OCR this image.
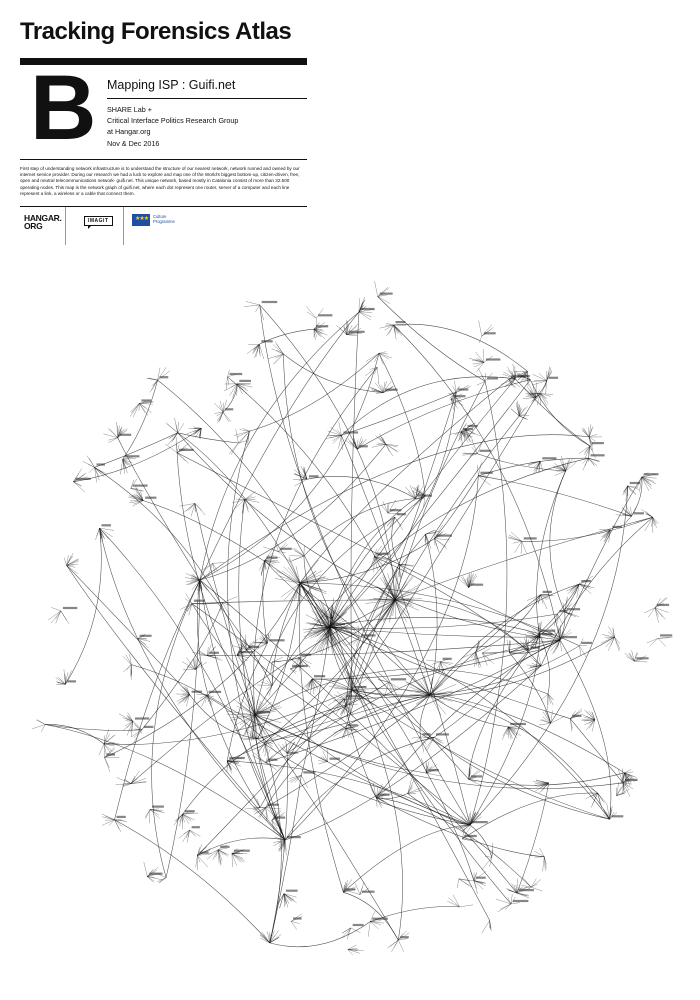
Tracking Forensics Atlas
B Mapping ISP : Guifi.net
SHARE Lab +
Critical Interface Politics Research Group
at Hangar.org
Nov & Dec 2016

First step of understanding network infrastructure is to understand the structure of our nearest network, network runned and owned by our internet service provider. During our research we had a luck to explore and map one of the World's biggest bottom-up, citizen-driven, free, open and neutral telecommunications network- guifi.net. This unique network, based mostly in Catalonia consist of more than 32.500 operating nodes. This map is the network graph of guifi.net, where each dot represent one router, server of a computer and each line represent a link, a wireless or a cable that connect them.

HANGAR.
ORG	IMAGIT	★★★ Culture
Programme
